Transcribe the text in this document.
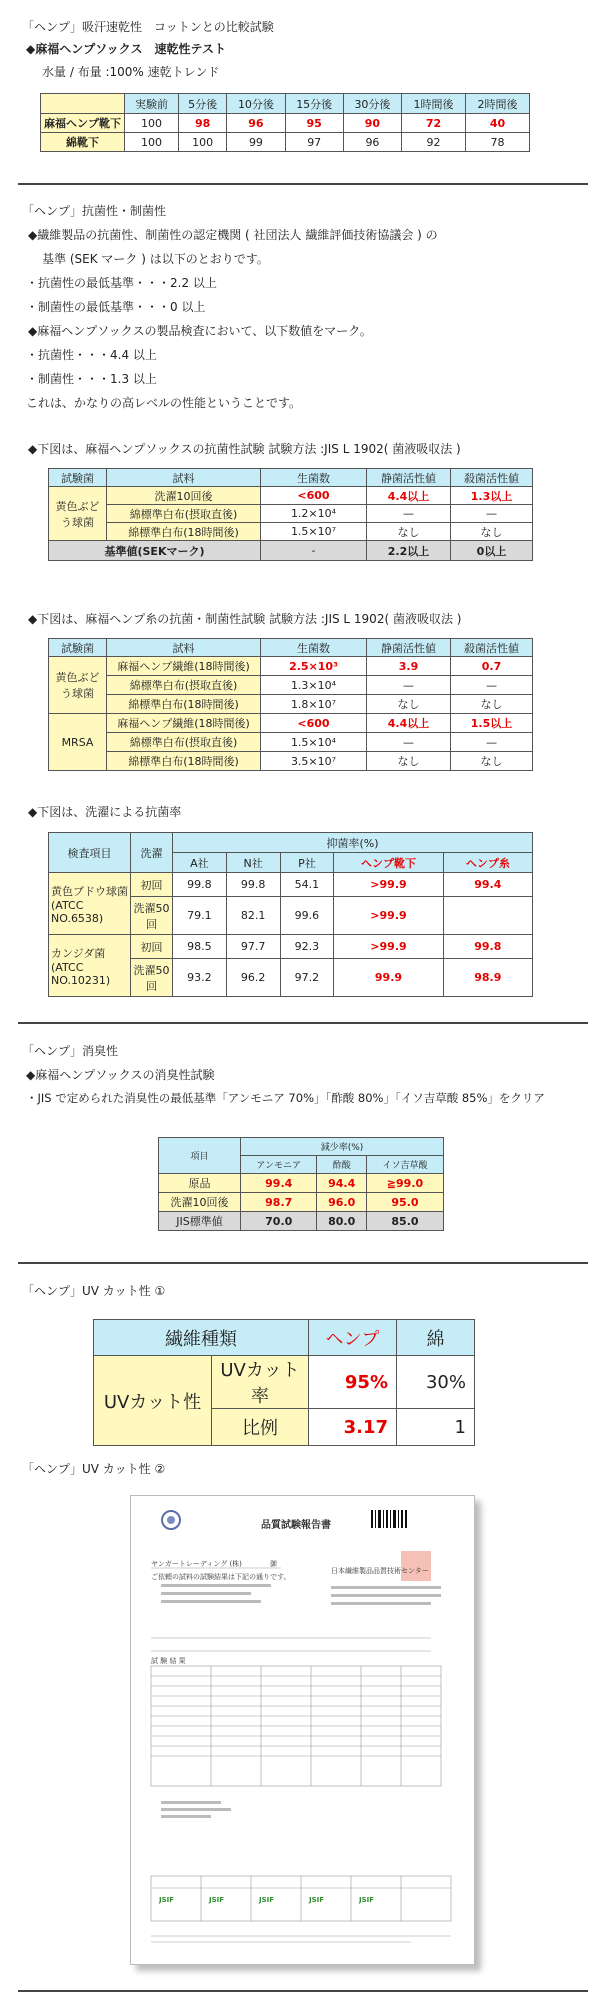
「ヘンプ」吸汗速乾性　コットンとの比較試験
◆麻福ヘンプソックス　速乾性テスト
水量 / 布量 :100% 速乾トレンド
	実験前	5分後	10分後	15分後	30分後	1時間後	2時間後
麻福ヘンプ靴下	100	98	96	95	90	72	40
綿靴下	100	100	99	97	96	92	78
「ヘンプ」抗菌性・制菌性
◆繊維製品の抗菌性、制菌性の認定機関 ( 社団法人 繊維評価技術協議会 ) の
基準 (SEK マーク ) は以下のとおりです。
・抗菌性の最低基準・・・2.2 以上
・制菌性の最低基準・・・0 以上
◆麻福ヘンプソックスの製品検査において、以下数値をマーク。
・抗菌性・・・4.4 以上
・制菌性・・・1.3 以上
これは、かなりの高レベルの性能ということです。
◆下図は、麻福ヘンプソックスの抗菌性試験 試験方法 :JIS L 1902( 菌液吸収法 )
試験菌	試料	生菌数	静菌活性値	殺菌活性値
黄色ぶどう球菌	洗濯10回後	<600	4.4以上	1.3以上
	綿標準白布(摂取直後)	1.2×10⁴	—	—
	綿標準白布(18時間後)	1.5×10⁷	なし	なし
基準値(SEKマーク)		-	2.2以上	0以上
◆下図は、麻福ヘンプ糸の抗菌・制菌性試験 試験方法 :JIS L 1902( 菌液吸収法 )
試験菌	試料	生菌数	静菌活性値	殺菌活性値
黄色ぶどう球菌	麻福ヘンプ繊維(18時間後)	2.5×10³	3.9	0.7
	綿標準白布(摂取直後)	1.3×10⁴	—	—
	綿標準白布(18時間後)	1.8×10⁷	なし	なし
MRSA	麻福ヘンプ繊維(18時間後)	<600	4.4以上	1.5以上
	綿標準白布(摂取直後)	1.5×10⁴	—	—
	綿標準白布(18時間後)	3.5×10⁷	なし	なし
◆下図は、洗濯による抗菌率
検査項目	洗濯	抑菌率(%)				
		A社	N社	P社	ヘンプ靴下	ヘンプ糸
黄色ブドウ球菌(ATCC NO.6538)	初回	99.8	99.8	54.1	>99.9	99.4
	洗濯50回	79.1	82.1	99.6	>99.9	
カンジダ菌(ATCC NO.10231)	初回	98.5	97.7	92.3	>99.9	99.8
	洗濯50回	93.2	96.2	97.2	99.9	98.9
「ヘンプ」消臭性
◆麻福ヘンプソックスの消臭性試験
・JIS で定められた消臭性の最低基準「アンモニア 70%」「酢酸 80%」「イソ吉草酸 85%」をクリア
項目	減少率(%)		
	アンモニア	酢酸	イソ吉草酸
原品	99.4	94.4	≧99.0
洗濯10回後	98.7	96.0	95.0
JIS標準値	70.0	80.0	85.0
「ヘンプ」UV カット性 ①
繊維種類		ヘンプ	綿
UVカット性	UVカット率	95%	30%
	比例	3.17	1
「ヘンプ」UV カット性 ②
品質試験報告書
ヤンガートレーディング (株)　　　　御
ご依頼の試料の試験結果は下記の通りです。
日本繊維製品品質技術センター
試 験 結 果
JSIF	JSIF	JSIF	JSIF	JSIF
